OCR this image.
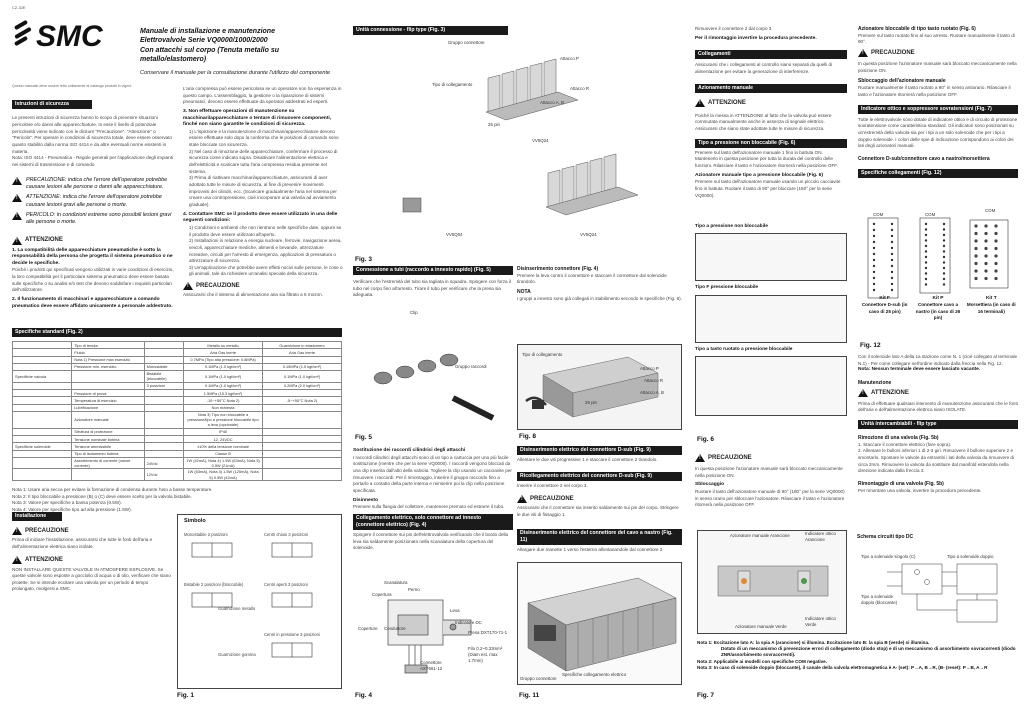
C2-32E
SMC
Questo manuale deve essere letto unitamente al catalogo prodotti in vigore
Istruzioni di sicurezza
Le presenti istruzioni di sicurezza hanno lo scopo di prevenire situazioni pericolose e/o danni alle apparecchiature. In esse il livello di potenziale pericolosità viene indicato con le diciture "Precauzione", "Attenzione" o "Pericolo". Per operare in condizioni di sicurezza totale, deve essere osservato quanto stabilito dalla norma ISO 4414 e da altre eventuali norme esistenti in materia.
Nota: ISO 4414 - Pneumatica - Regole generali per l'applicazione degli impianti nei sistemi di trasmissione e di comando
!
PRECAUZIONE: indica che l'errore dell'operatore potrebbe causare lesioni alle persone o danni alle apparecchiature.
!
ATTENZIONE: indica che l'errore dell'operatore potrebbe causare lesioni gravi alle persone o morte.
!
PERICOLO: in condizioni estreme sono possibili lesioni gravi alle persone o morte.
!
ATTENZIONE
1. La compatibilità delle apparecchiature pneumatiche è sotto la responsabilità della persona che progetta il sistema pneumatico o ne decide le specifiche.
Poiché i prodotti qui specificati vengono utilizzati in varie condizioni di esercizio, la loro compatibilità per il particolare sistema pneumatico deve essere basata sulle specifiche o su analisi e/o test che devono soddisfare i requisiti particolari dell'utilizzatore.
2. Il funzionamento di macchinari e apparecchiature a comando pneumatico deve essere affidato unicamente a personale addestrato.
Manuale di installazione e manutenzione
Elettrovalvole Serie VQ0000/1000/2000
Con attacchi sul corpo (Tenuta metallo su metallo/elastomero)
Conservare il manuale per la consultazione durante l'utilizzo del componente
L'aria compressa può essere pericolosa se un operatore non ha esperienza in questo campo. L'assemblaggio, la gestione o la riparazione di sistemi pneumatici, devono essere effettuate da operatori addestrati ed esperti.
3. Non effettuare operazioni di manutenzione su macchinari/apparecchiature o tentare di rimuovere componenti, finché non siano garantite le condizioni di sicurezza.
1) L'ispezione e la manutenzione di macchinari/apparecchiature devono essere effettuate solo dopo la conferma che le posizioni di comando sono state bloccate con sicurezza.
2) Nel caso di rimozione delle apparecchiature, confermare il processo di sicurezza come indicato sopra. Disattivare l'alimentazione elettrica e dell'elettricità e scaricare tutta l'aria compressa residua presente nel sistema.
3) Prima di riattivare macchinari/apparecchiature, assicurarsi di aver adottato tutte le misure di sicurezza, al fine di prevenire movimenti improvvisi dei cilindri, ecc. (Scaricare gradualmente l'aria nel sistema per creare una contropressione, cioè incorporare una valvola ad avviamento graduale).
4. Contattare SMC se il prodotto deve essere utilizzato in una delle seguenti condizioni:
1) Condizioni e ambienti che non rientrano nelle specifiche date, oppure se il prodotto deve essere utilizzato all'aperto.
2) Installazioni in relazione a energia nucleare, ferrovie, navigazione aerea, veicoli, apparecchiature mediche, alimenti e bevande, attrezzature ricreative, circuiti per l'arresto di emergenza, applicazioni di pressatura o attrezzature di sicurezza.
3) Un'applicazione che potrebbe avere effetti nocivi sulle persone, le cose o gli animali, tale da richiedere un'analisi speciale della sicurezza.
!
PRECAUZIONE
Assicurarsi che il sistema di alimentazione aria sia filtrato a 5 micron.
Specifiche standard (Fig. 2)
	Tipo di tenuta		Metallo su metallo	Guarnizione in elastomero
	Fluido		Aria Gas inerte	Aria Gas inerte
	Nota 1) Pressione max esercizio		0.7MPa (Tipo alta pressione: 0.8MPa)	
	Pressione min. esercizio	Monostabile	0.1MPa (1.0 kgf/cm²)	0.15MPa (1.5 kgf/cm²)
Specifiche valvola		Bistabile (bloccabile)	0.1MPa (1.0 kgf/cm²)	0.1MPa (1.0 kgf/cm²)
		3 posizioni	0.1MPa (1.0 kgf/cm²)	0.2MPa (2.0 kgf/cm²)
	Pressione di prova		1.5MPa (15.3 kgf/cm²)	
	Temperatura di esercizio		-10~+50°C Nota 2)	-5~+50°C Nota 2)
	Lubrificazione		Non richiesta	
	Azionatore manuale		Nota 3) Tipo non bloccabile a pressione/tipo a pressione bloccabile tipo a leva (opzionale)	
	Struttura di protezione		IP40	
	Tensione nominale bobina		12, 24VDC	
Specifiche solenoide	Tensione ammissibile		±10% della tensione nominale	
	Tipo di isolamento bobina		Classe B	
	Assorbimento di corrente (valore corrente)	24Vdc	1W (42mA), Nota 4) 1.5W (63mA), Nota 5) 0.5W (21mA)	
		12Vdc	1W (83mA), Nota 4) 1.5W (125mA), Nota 5) 0.5W (42mA)	
Nota 1: Usare aria secca per evitare la formazione di condensa durante l'uso a basse temperature.
Nota 2: Il tipo bloccabile a pressione (B) o (C) deve essere scelto per la valvola bistabile.
Nota 3: Valore per specifiche a bassa potenza (0.5W).
Nota 4: Valore per specifiche tipo ad alta pressione (1.5W).
Installazione
!
PRECAUZIONE
Prima di iniziare l'installazione, assicurarsi che tutte le fonti dell'aria e dell'alimentazione elettrica siano isolate.
!
ATTENZIONE
NON INSTALLARE QUESTE VALVOLE IN ATMOSFERE ESPLOSIVE. Se queste valvole sono esposte a gocciolio di acqua o di olio, verificare che siano protette. Se si intende eccitare una valvola per un periodo di tempo prolungato, rivolgersi a SMC.
Simbolo
Monostabile 2 posizioni	Centri chiusi 3 posizioni
Bistabile 2 posizioni (bloccabile)	Centri aperti 3 posizioni
Guarnizione metallo
Centri in pressione 3 posizioni
Guarnizione gomma
Fig. 1
Unità connessione - flip type (Fig. 3)
Fig. 3
Gruppo connettore
Tipo di collegamento
Attacco P
Attacco R
Attacco A, B
25 pin
VV5Q24
VV5Q04	VV5Q24
Connessione a tubi (raccordo a innesto rapido) (Fig. 5)
Verificare che l'estremità del tubo sia tagliata in squadra. Spingere con forza il tubo nel corpo fino all'arresto. Tirare il tubo per verificare che la presa sia adeguata.
Clip
Gruppo raccordi
Fig. 5
Sostituzione dei raccordi cilindrici degli attacchi
I raccordi cilindrici degli attacchi sono di un tipo a cartuccia per una più facile sostituzione (mentre che per la serie VQ0000). I raccordi vengono bloccati da una clip inserita dall'alto della valvola. Togliere la clip usando un cacciavite per rimuovere i raccordi. Per il rimontaggio, inserire il gruppo raccordo fino a portarlo a contatto della parte interna e reinserire poi la clip nella posizione specificata.
Disinnesto
Premere sulla flangia del collettore, mantenere premuto ed estrarre il tubo.
Collegamento elettrico, solo connettore ad innesto (connettore elettrico) (Fig. 4)
Spingere il connettore sui pin dell'elettrovalvola verificando che il bordo della leva sia saldamente posizionato nella scanalatura della copertura del solenoide.
Scanalatura
Copertura
Perno
Leva
Indicatore DC
Presa DXT170-71-1
Filo 0.2~0.33mm² (Diam est. max 1.7mm)
Connettore AXT661-12
Coperture Conduttore
Fig. 4
Disinserimento connettore (Fig. 4)
Premere la leva contro il connettore e staccare il connettore dal solenoide tirandolo.
NOTA
I gruppi a innesto sono già collegati in stabilimento secondo le specifiche (Fig. 8).
Tipo di collegamento
Attacco P
Attacco R
Attacco A, B
25 pin
Fig. 8
Disinserimento elettrico del connettore D-sub (Fig. 9)
Allentare le due viti progressive 1 e staccare il connettore 2 tirandolo.
Ricollegamento elettrico del connettore D-sub (Fig. 9)
Inserire il connettore 2 nel corpo 3.
!
PRECAUZIONE
Assicurarsi che il connettore sia inserito saldamente sui pin del corpo. Stringere le due viti di fissaggio 1.
Disinserimento elettrico del connettore del cavo a nastro (Fig. 11)
Allargare due manette 1 verso l'esterno allontanandole dal connettore 2
Gruppo connettore
Specifiche collegamento elettrico
Fig. 11
Rimuovere il connettore 2 dal corpo 3.
Per il rimontaggio invertire la procedura precedente.
Collegamenti
Assicurarsi che i collegamenti al controllo siano separati da quelli di alimentazione per evitare la generazione di interferenze.
Azionamento manuale
!
ATTENZIONE
Poiché la messa in ATTENZIONE al fatto che la valvola può essere commutata manualmente anche in assenza di segnale elettrico. Assicurarsi che siano state adottate tutte le misure di sicurezza.
Tipo a pressione non bloccabile (Fig. 6)
Premere sul tasto dell'azionatore manuale 1 fino in battuta ON. Mantenerlo in questa posizione per tutta la durata del controllo delle funzioni. Rilasciare il tasto e l'azionatore ritornerà nella posizione OFF.
Azionatore manuale tipo a pressione bloccabile (Fig. 6)
Premere sul tasto dell'azionatore manuale usando un piccolo cacciavite fino in battuta. Ruotare il tasto di 90° per bloccare (180° per la serie VQ0000).
Tipo a pressione non bloccabile
Tipo F pressione bloccabile
Tipo a tasto ruotato a pressione bloccabile
Fig. 6
!
PRECAUZIONE
In questa posizione l'azionatore manuale sarà bloccato meccanicamente nella posizione ON.
Sbloccaggio
Ruotare il tasto dell'azionatore manuale di 90° (180° per la serie VQ0000) in senso orario per sbloccare l'azionatore. Rilasciare il tasto e l'azionatore ritornerà nella posizione OFF.
Azionatore manuale Arancione	Indicatore ottico Arancione
Azionatore manuale Verde
Indicatore ottico Verde
Schema circuiti tipo DC
Tipo a solenoide singolo (C)	Tipo a solenoide doppio
Tipo a solenoide doppio (bloccante)
Nota 1: Eccitazione lato A: la spia A (arancione) si illumina. Eccitazione lato B: la spia B (verde) si illumina.
Dotato di un meccanismo di prevenzione errori di collegamento (diodo stop) e di un meccanismo di assorbimento sovracorrenti (diodo ZNR/assorbimento sovracorrenti).
Nota 2: Applicabile ai modelli con specifiche COM negative.
Nota 3: In caso di solenoide doppio (bloccante), il canale della valvola elettromagnetica è A- (set): P→A, B→R, (B- (reset): P→B, A→R
Fig. 7
Azionatore bloccabile di tipo tasto ruotato (Fig. 6)
Premere sul tasto ruotato fino al suo arresto. Ruotare manualmente il tasto di 90°.
!
PRECAUZIONE
In questa posizione l'azionatore manuale sarà bloccato meccanicamente nella posizione ON.
Sbloccaggio dell'azionatore manuale
Ruotare manualmente il tasto ruotato a 90° in senso antiorario. Rilasciare il tasto e l'azionatore ritornerà nella posizione OFF.
Indicatore ottico e soppressore sovratensioni (Fig. 7)
Tutte le elettrovalvole sono dotate di indicatore ottico e di circuito di protezione sovratensione come caratteristica standard. Gli indicatori sono posizionati su un'estremità della valvola sia per i tipi a un solo solenoide che per i tipi a doppio solenoide. I colori delle spie di indicazione corrispondono ai colori dei lati degli azionatori manuali.
Connettore D-sub/connettore cavo a nastro/morsettiera
Specifiche collegamenti (Fig. 12)
COM	COM
COM
Kit F
Connettore D-sub (in caso di 25 pin)
Kit P
Connettore cavo a nastro (in caso di 26 pin)
Kit T
Morsettiera (in caso di 16 terminali)
Fig. 12
Con il solenoide lato A della 1a stazione come N. 1 (cioè collegato al terminale N.1) - Per come collegare nell'ordine indicato dalla freccia nella Fig. 12.
Nota: Nessun terminale deve essere lasciato vacante.
Manutenzione
!
ATTENZIONE
Prima di effettuare qualsiasi intervento di manutenzione assicurarsi che le fonti dell'aria e dell'alimentazione elettrica siano ISOLATE.
Unità intercambiabili - flip type
Rimozione di una valvola (Fig. 5b)
1. Staccare il connettore elettrico (fare sopra).
2. Allentare le bulloni inferiori 1 di 2-3 giri. Rimuovere il bullone superiore 2 e smontarlo. Spostare le valvole da entrambi i lati della valvola da rimuovere di circa 2mm. Rimuovere la valvola da sostituire dal manifold estendola nella direzione indicata dalla freccia 3.
Rimontaggio di una valvola (Fig. 5b)
Per rimontare una valvola, invertire la procedura precedente.
